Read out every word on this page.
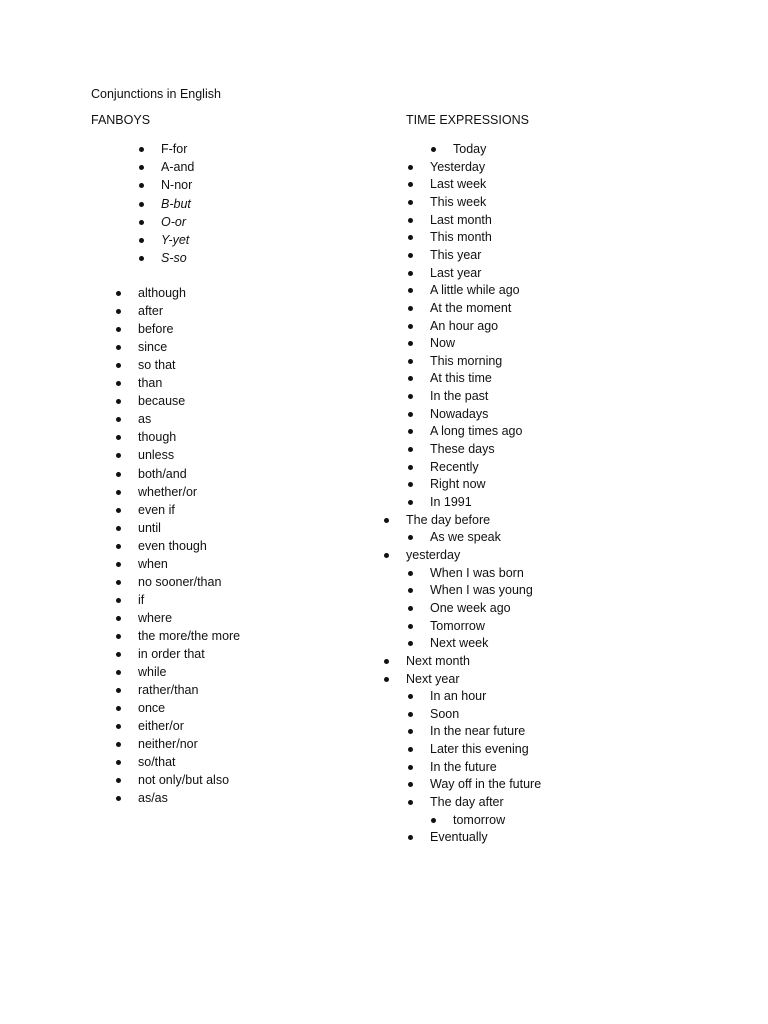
Conjunctions in English
FANBOYS	TIME EXPRESSIONS
F-for
A-and
N-nor
B-but
O-or
Y-yet
S-so
although
after
before
since
so that
than
because
as
though
unless
both/and
whether/or
even if
until
even though
when
no sooner/than
if
where
the more/the more
in order that
while
rather/than
once
either/or
neither/nor
so/that
not only/but also
as/as
Today
Yesterday
Last week
This week
Last month
This month
This year
Last year
A little while ago
At the moment
An hour ago
Now
This morning
At this time
In the past
Nowadays
A long times ago
These days
Recently
Right now
In 1991
The day before
As we speak
yesterday
When I was born
When I was young
One week ago
Tomorrow
Next week
Next month
Next year
In an hour
Soon
In the near future
Later this evening
In the future
Way off in the future
The day after
tomorrow
Eventually
